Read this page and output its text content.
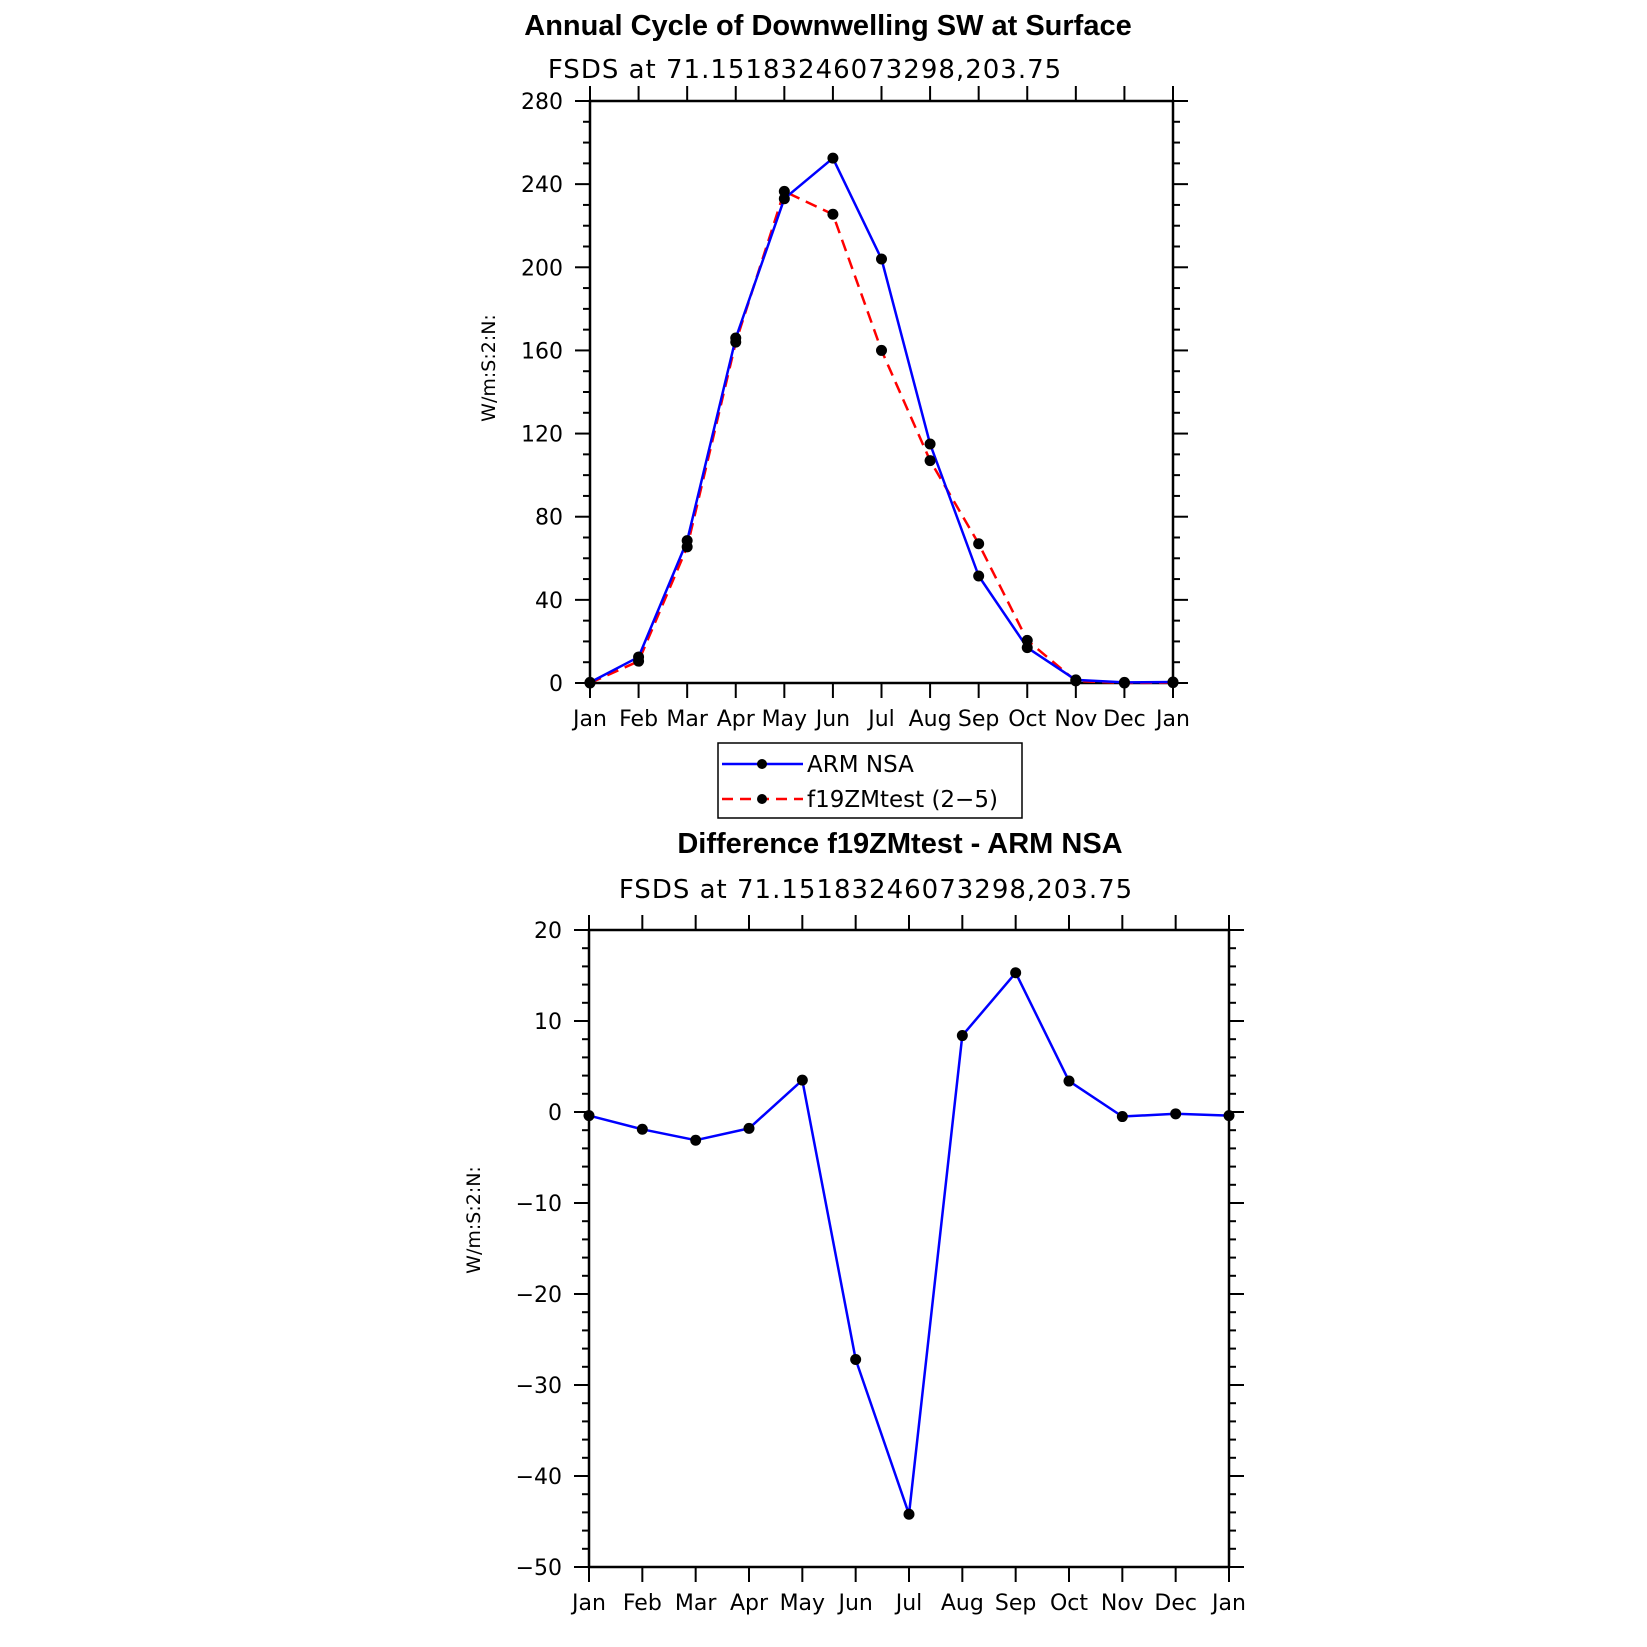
Annual Cycle of Downwelling SW at Surface
FSDS at 71.15183246073298,203.75
W/m:S:2:N:
0
40
80
120
160
200
240
280
Jan Feb Mar Apr May Jun Jul Aug Sep Oct Nov Dec Jan
ARM NSA
f19ZMtest (2−5)
Difference f19ZMtest - ARM NSA
FSDS at 71.15183246073298,203.75
W/m:S:2:N:
−50
−40
−30
−20
−10
0
10
20
Jan Feb Mar Apr May Jun Jul Aug Sep Oct Nov Dec Jan
